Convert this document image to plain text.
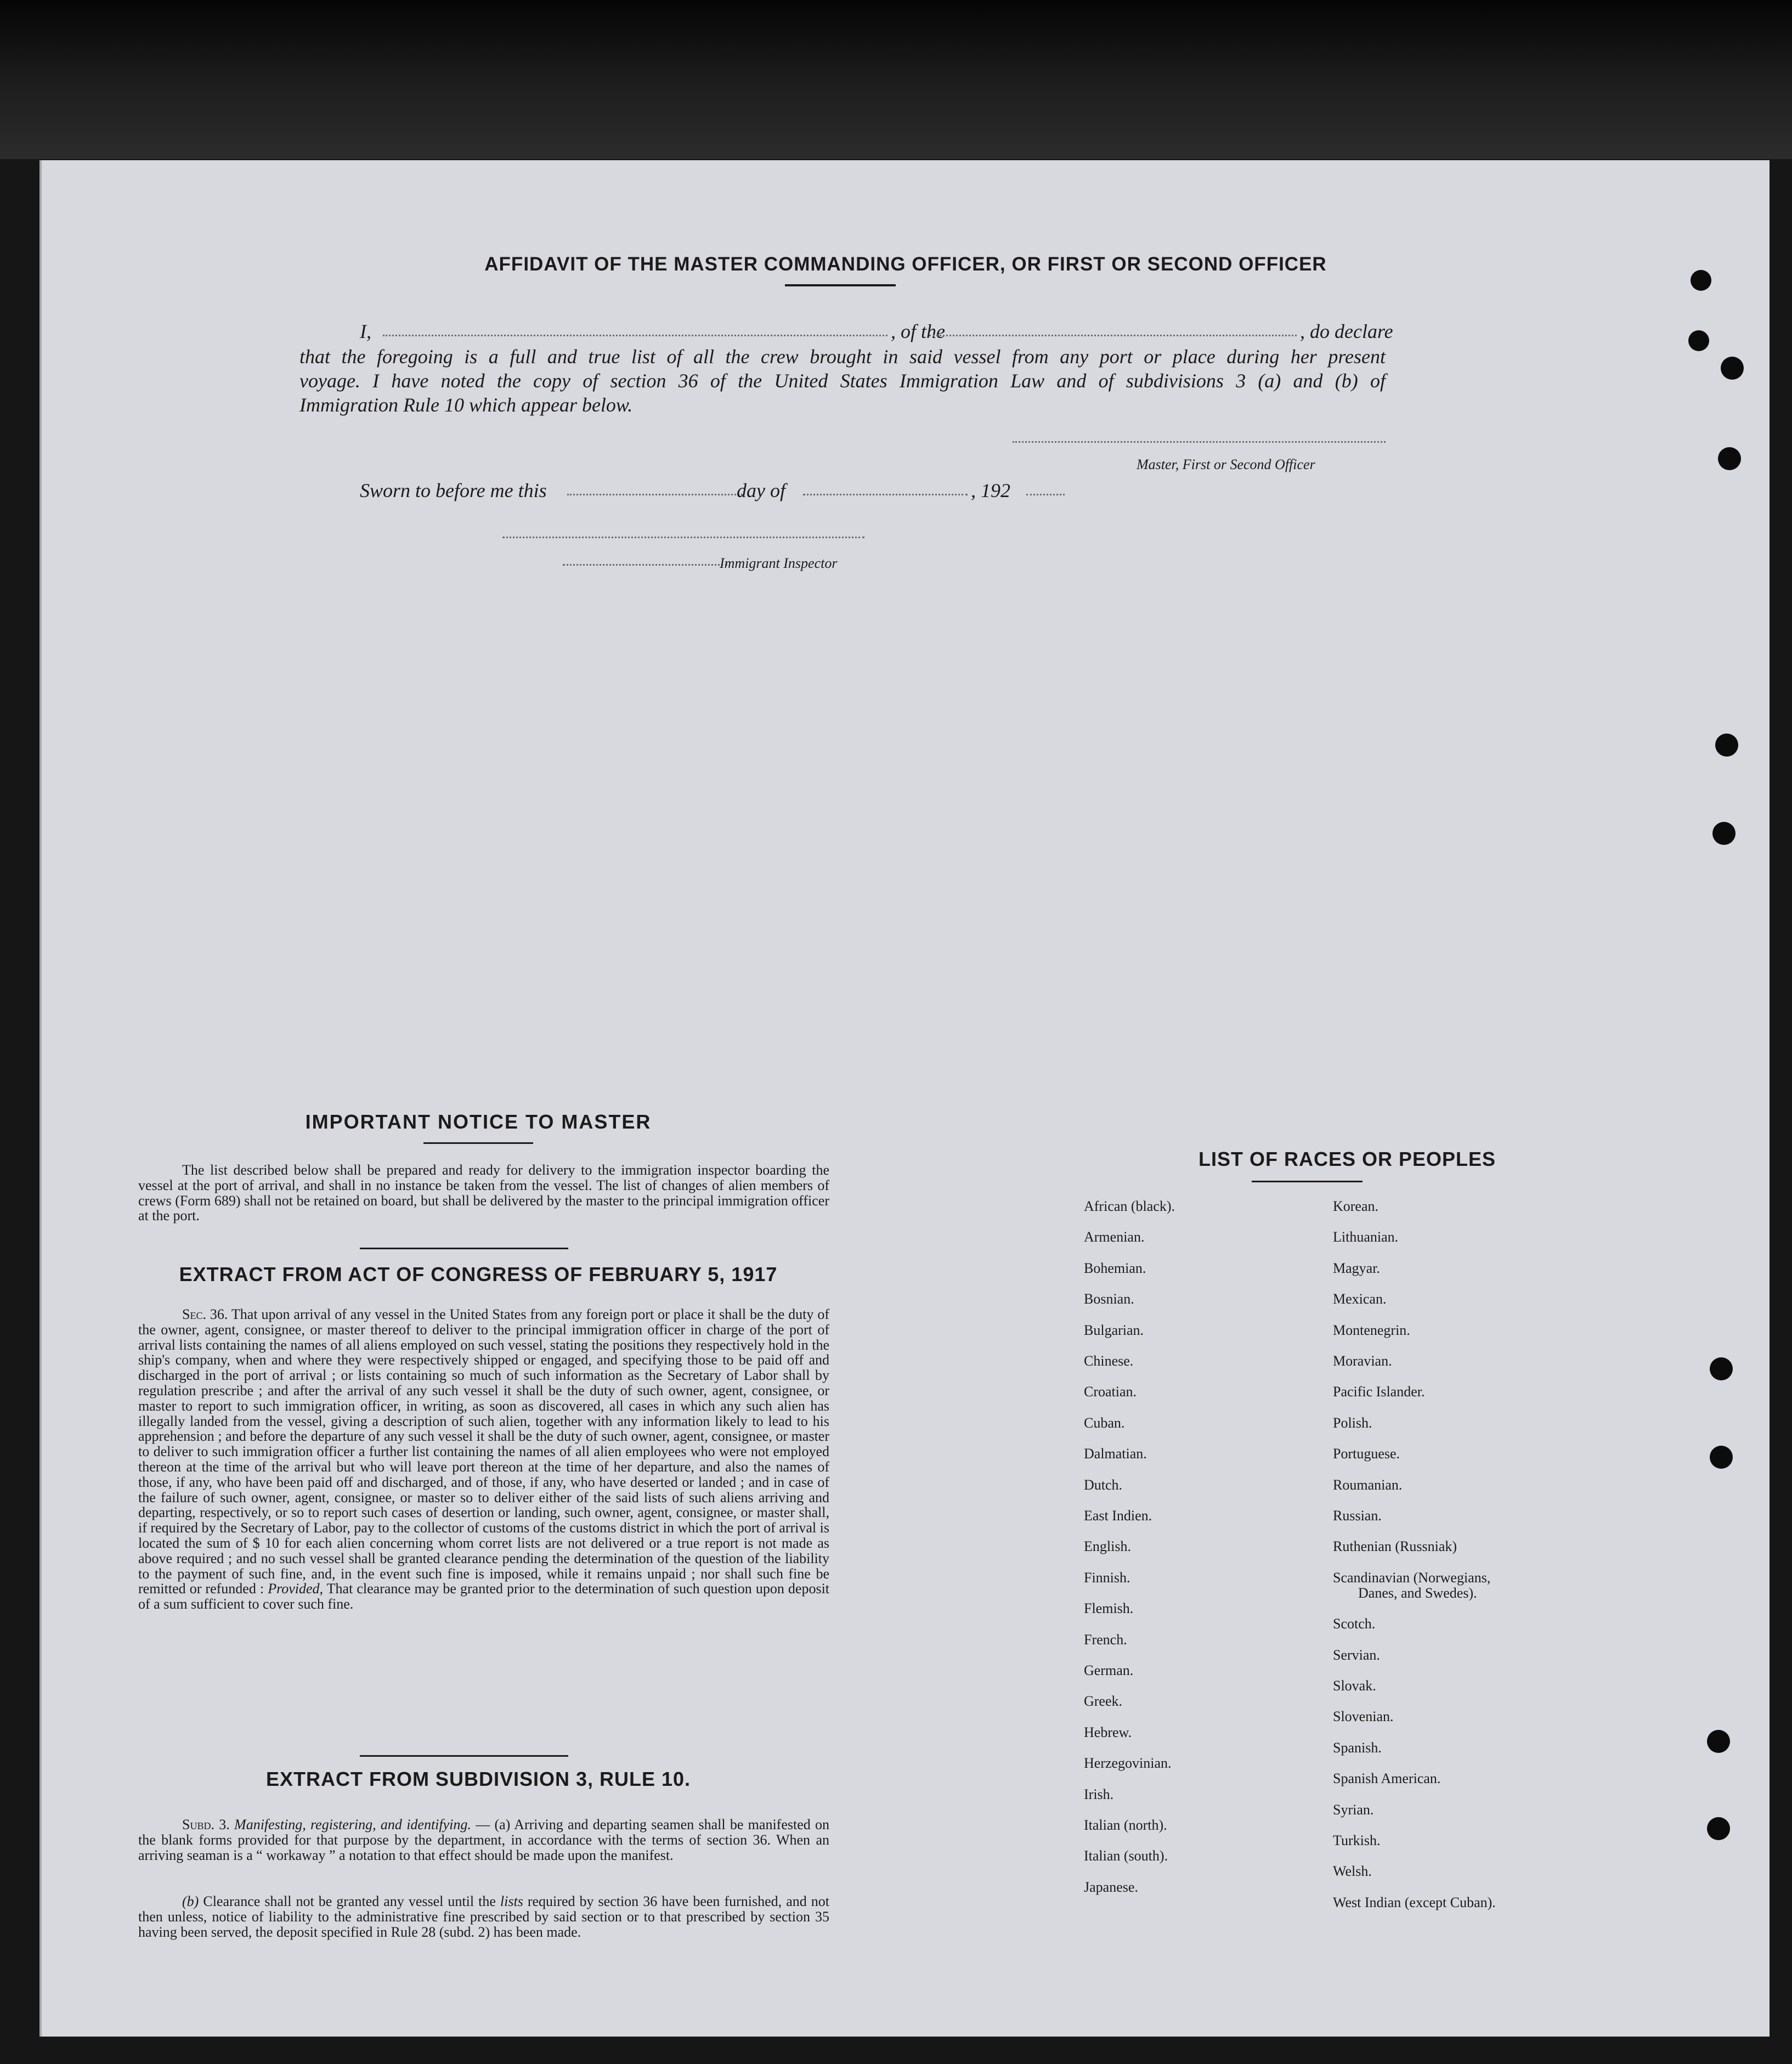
AFFIDAVIT OF THE MASTER COMMANDING OFFICER, OR FIRST OR SECOND OFFICER
I,	, of the	, do declare
that the foregoing is a full and true list of all the crew brought in said vessel from any port or place during her present
voyage. I have noted the copy of section 36 of the United States Immigration Law and of subdivisions 3 (a) and (b) of
Immigration Rule 10 which appear below.
Master, First or Second Officer
Sworn to before me this	day of	, 192
Immigrant Inspector
IMPORTANT NOTICE TO MASTER

The list described below shall be prepared and ready for delivery to the immigration inspector boarding the vessel at the port of arrival, and shall in no instance be taken from the vessel. The list of changes of alien members of crews (Form 689) shall not be retained on board, but shall be delivered by the master to the principal immigration officer at the port.

EXTRACT FROM ACT OF CONGRESS OF FEBRUARY 5, 1917

Sec. 36. That upon arrival of any vessel in the United States from any foreign port or place it shall be the duty of the owner, agent, consignee, or master thereof to deliver to the principal immigration officer in charge of the port of arrival lists containing the names of all aliens employed on such vessel, stating the positions they respectively hold in the ship's company, when and where they were respectively shipped or engaged, and specifying those to be paid off and discharged in the port of arrival ; or lists containing so much of such information as the Secretary of Labor shall by regulation prescribe ; and after the arrival of any such vessel it shall be the duty of such owner, agent, consignee, or master to report to such immigration officer, in writing, as soon as discovered, all cases in which any such alien has illegally landed from the vessel, giving a description of such alien, together with any information likely to lead to his apprehension ; and before the departure of any such vessel it shall be the duty of such owner, agent, consignee, or master to deliver to such immigration officer a further list containing the names of all alien employees who were not employed thereon at the time of the arrival but who will leave port thereon at the time of her departure, and also the names of those, if any, who have been paid off and discharged, and of those, if any, who have deserted or landed ; and in case of the failure of such owner, agent, consignee, or master so to deliver either of the said lists of such aliens arriving and departing, respectively, or so to report such cases of desertion or landing, such owner, agent, consignee, or master shall, if required by the Secretary of Labor, pay to the collector of customs of the customs district in which the port of arrival is located the sum of $ 10 for each alien concerning whom corret lists are not delivered or a true report is not made as above required ; and no such vessel shall be granted clearance pending the determination of the question of the liability to the payment of such fine, and, in the event such fine is imposed, while it remains unpaid ; nor shall such fine be remitted or refunded : Provided, That clearance may be granted prior to the determination of such question upon deposit of a sum sufficient to cover such fine.

EXTRACT FROM SUBDIVISION 3, RULE 10.

Subd. 3. Manifesting, registering, and identifying. — (a) Arriving and departing seamen shall be manifested on the blank forms provided for that purpose by the department, in accordance with the terms of section 36. When an arriving seaman is a “ workaway ” a notation to that effect should be made upon the manifest.

(b) Clearance shall not be granted any vessel until the lists required by section 36 have been furnished, and not then unless, notice of liability to the administrative fine prescribed by said section or to that prescribed by section 35 having been served, the deposit specified in Rule 28 (subd. 2) has been made.

LIST OF RACES OR PEOPLES
African (black).
Armenian.
Bohemian.
Bosnian.
Bulgarian.
Chinese.
Croatian.
Cuban.
Dalmatian.
Dutch.
East Indien.
English.
Finnish.
Flemish.
French.
German.
Greek.
Hebrew.
Herzegovinian.
Irish.
Italian (north).
Italian (south).
Japanese.
Korean.
Lithuanian.
Magyar.
Mexican.
Montenegrin.
Moravian.
Pacific Islander.
Polish.
Portuguese.
Roumanian.
Russian.
Ruthenian (Russniak)
Scandinavian (Norwegians,
Danes, and Swedes).
Scotch.
Servian.
Slovak.
Slovenian.
Spanish.
Spanish American.
Syrian.
Turkish.
Welsh.
West Indian (except Cuban).
